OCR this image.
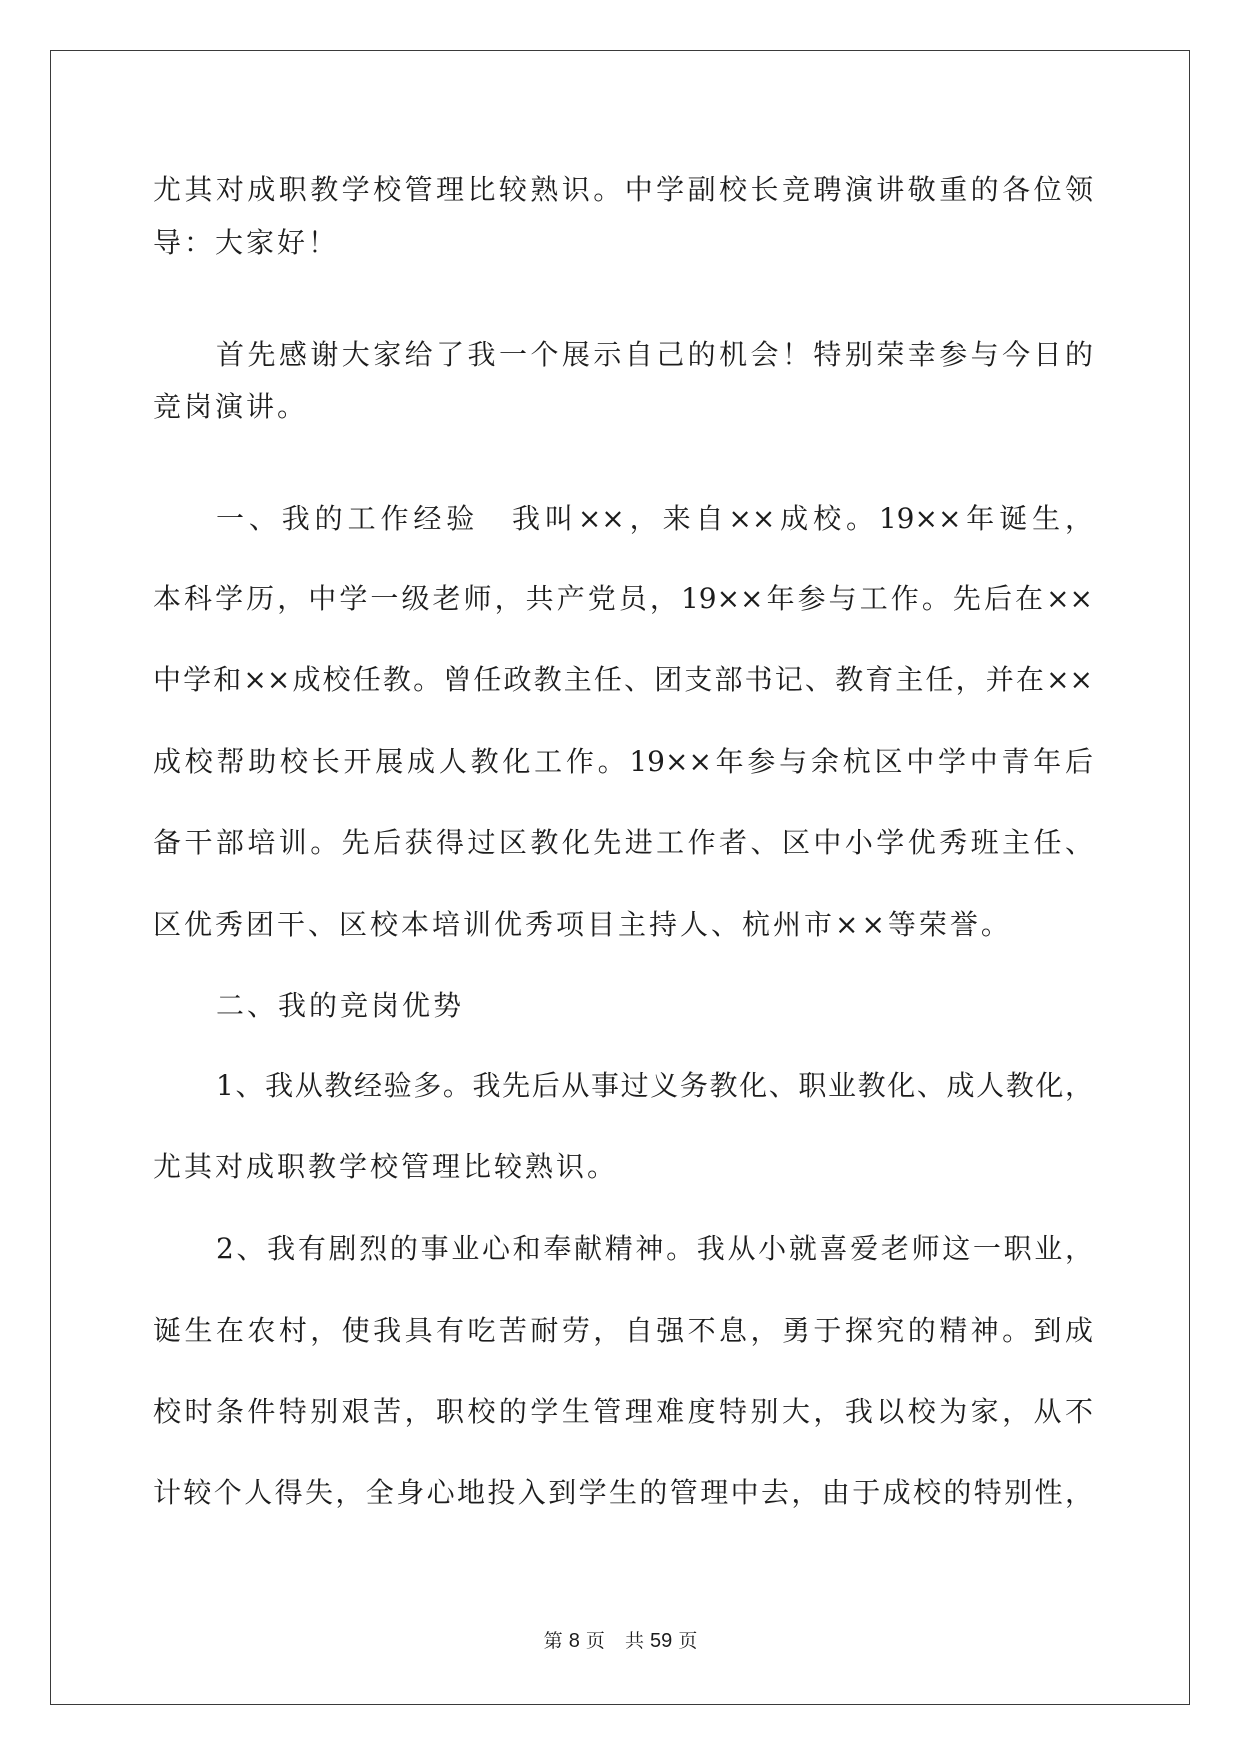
尤其对成职教学校管理比较熟识。中学副校长竞聘演讲敬重的各位领
导：大家好！
首先感谢大家给了我一个展示自己的机会！特别荣幸参与今日的
竞岗演讲。
一、我的工作经验　我叫××，来自××成校。19××年诞生，
本科学历，中学一级老师，共产党员，19××年参与工作。先后在××
中学和××成校任教。曾任政教主任、团支部书记、教育主任，并在××
成校帮助校长开展成人教化工作。19××年参与余杭区中学中青年后
备干部培训。先后获得过区教化先进工作者、区中小学优秀班主任、
区优秀团干、区校本培训优秀项目主持人、杭州市××等荣誉。
二、我的竞岗优势
1、我从教经验多。我先后从事过义务教化、职业教化、成人教化，
尤其对成职教学校管理比较熟识。
2、我有剧烈的事业心和奉献精神。我从小就喜爱老师这一职业，
诞生在农村，使我具有吃苦耐劳，自强不息，勇于探究的精神。到成
校时条件特别艰苦，职校的学生管理难度特别大，我以校为家，从不
计较个人得失，全身心地投入到学生的管理中去，由于成校的特别性，
第 8 页 共 59 页
